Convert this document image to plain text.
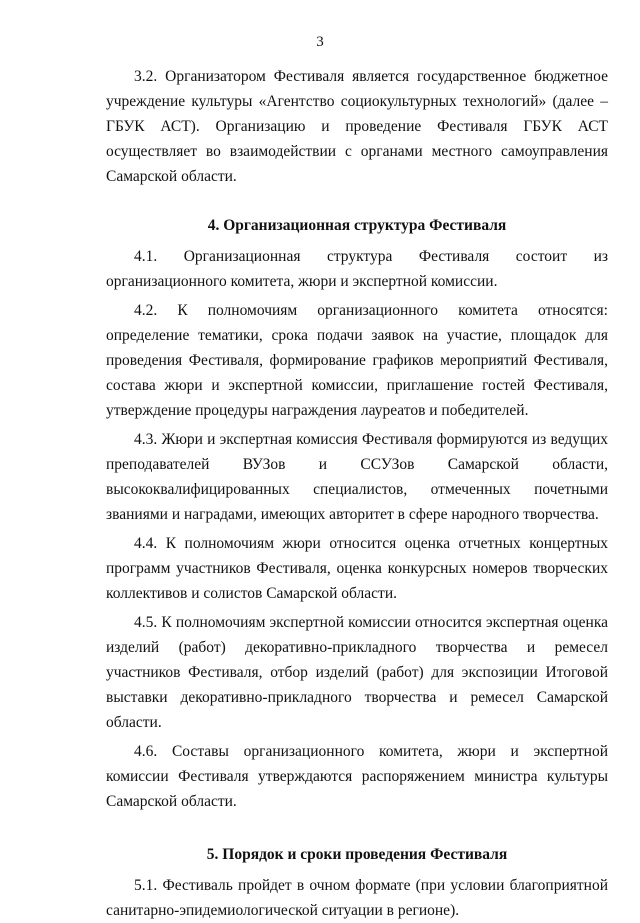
3

3.2. Организатором Фестиваля является государственное бюджетное учреждение культуры «Агентство социокультурных технологий» (далее – ГБУК АСТ). Организацию и проведение Фестиваля ГБУК АСТ осуществляет во взаимодействии с органами местного самоуправления Самарской области.

4. Организационная структура Фестиваля

4.1. Организационная структура Фестиваля состоит из организационного комитета, жюри и экспертной комиссии.

4.2. К полномочиям организационного комитета относятся: определение тематики, срока подачи заявок на участие, площадок для проведения Фестиваля, формирование графиков мероприятий Фестиваля, состава жюри и экспертной комиссии, приглашение гостей Фестиваля, утверждение процедуры награждения лауреатов и победителей.

4.3. Жюри и экспертная комиссия Фестиваля формируются из ведущих преподавателей ВУЗов и ССУЗов Самарской области, высококвалифицированных специалистов, отмеченных почетными званиями и наградами, имеющих авторитет в сфере народного творчества.

4.4. К полномочиям жюри относится оценка отчетных концертных программ участников Фестиваля, оценка конкурсных номеров творческих коллективов и солистов Самарской области.

4.5. К полномочиям экспертной комиссии относится экспертная оценка изделий (работ) декоративно-прикладного творчества и ремесел участников Фестиваля, отбор изделий (работ) для экспозиции Итоговой выставки декоративно-прикладного творчества и ремесел Самарской области.

4.6. Составы организационного комитета, жюри и экспертной комиссии Фестиваля утверждаются распоряжением министра культуры Самарской области.

5. Порядок и сроки проведения Фестиваля

5.1. Фестиваль пройдет в очном формате (при условии благоприятной санитарно-эпидемиологической ситуации в регионе).
